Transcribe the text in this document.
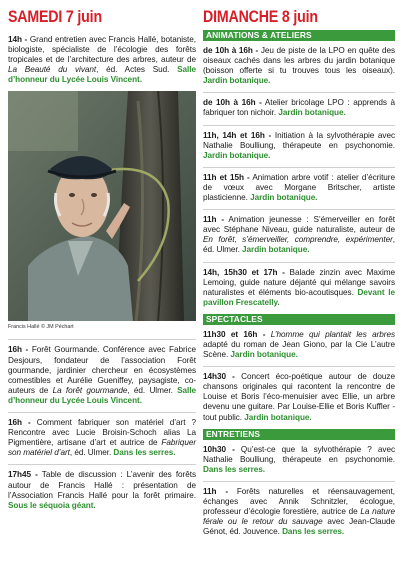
SAMEDI 7 juin

14h - Grand entretien avec Francis Hallé, botaniste, biologiste, spécialiste de l’écologie des forêts tropicales et de l’architecture des arbres, auteur de La Beauté du vivant, éd. Actes Sud. Salle d’honneur du Lycée Louis Vincent.

Francis Hallé © JM Péchart

16h - Forêt Gourmande. Conférence avec Fabrice Desjours, fondateur de l’association Forêt gourmande, jardinier chercheur en écosystèmes comestibles et Aurélie Gueniffey, paysagiste, co-auteurs de La forêt gourmande, éd. Ulmer. Salle d’honneur du Lycée Louis Vincent.

16h - Comment fabriquer son matériel d’art ? Rencontre avec Lucie Broisin-Schoch alias La Pigmentière, artisane d’art et autrice de Fabriquer son matériel d’art, éd. Ulmer. Dans les serres.

17h45 - Table de discussion : L’avenir des forêts autour de Francis Hallé : présentation de l’Association Francis Hallé pour la forêt primaire. Sous le séquoia géant.

DIMANCHE 8 juin
ANIMATIONS & ATELIERS

de 10h à 16h - Jeu de piste de la LPO en quête des oiseaux cachés dans les arbres du jardin botanique (boisson offerte si tu trouves tous les oiseaux). Jardin botanique.

de 10h à 16h - Atelier bricolage LPO : apprends à fabriquer ton nichoir. Jardin botanique.

11h, 14h et 16h - Initiation à la sylvothérapie avec Nathalie Boulliung, thérapeute en psychonomie. Jardin botanique.

11h et 15h - Animation arbre votif : atelier d’écriture de vœux avec Morgane Britscher, artiste plasticienne. Jardin botanique.

11h - Animation jeunesse : S’émerveiller en forêt avec Stéphane Niveau, guide naturaliste, auteur de En forêt, s’émerveiller, comprendre, expérimenter, éd. Ulmer. Jardin botanique.

14h, 15h30 et 17h - Balade zinzin avec Maxime Lemoing, guide nature déjanté qui mélange savoirs naturalistes et éléments bio-acoutisques. Devant le pavillon Frescatelly.

SPECTACLES

11h30 et 16h - L’homme qui plantait les arbres adapté du roman de Jean Giono, par la Cie L’autre Scène. Jardin botanique.

14h30 - Concert éco-poétique autour de douze chansons originales qui racontent la rencontre de Louise et Boris l’éco-menuisier avec Ellie, un arbre devenu une guitare. Par Louise-Ellie et Boris Kuffler - tout public. Jardin botanique.

ENTRETIENS

10h30 - Qu’est-ce que la sylvothérapie ? avec Nathalie Boulliung, thérapeute en psychonomie. Dans les serres.

11h - Forêts naturelles et réensauvagement, échanges avec Annik Schnitzler, écologue, professeur d’écologie forestière, autrice de La nature férale ou le retour du sauvage avec Jean-Claude Génot, éd. Jouvence. Dans les serres.
